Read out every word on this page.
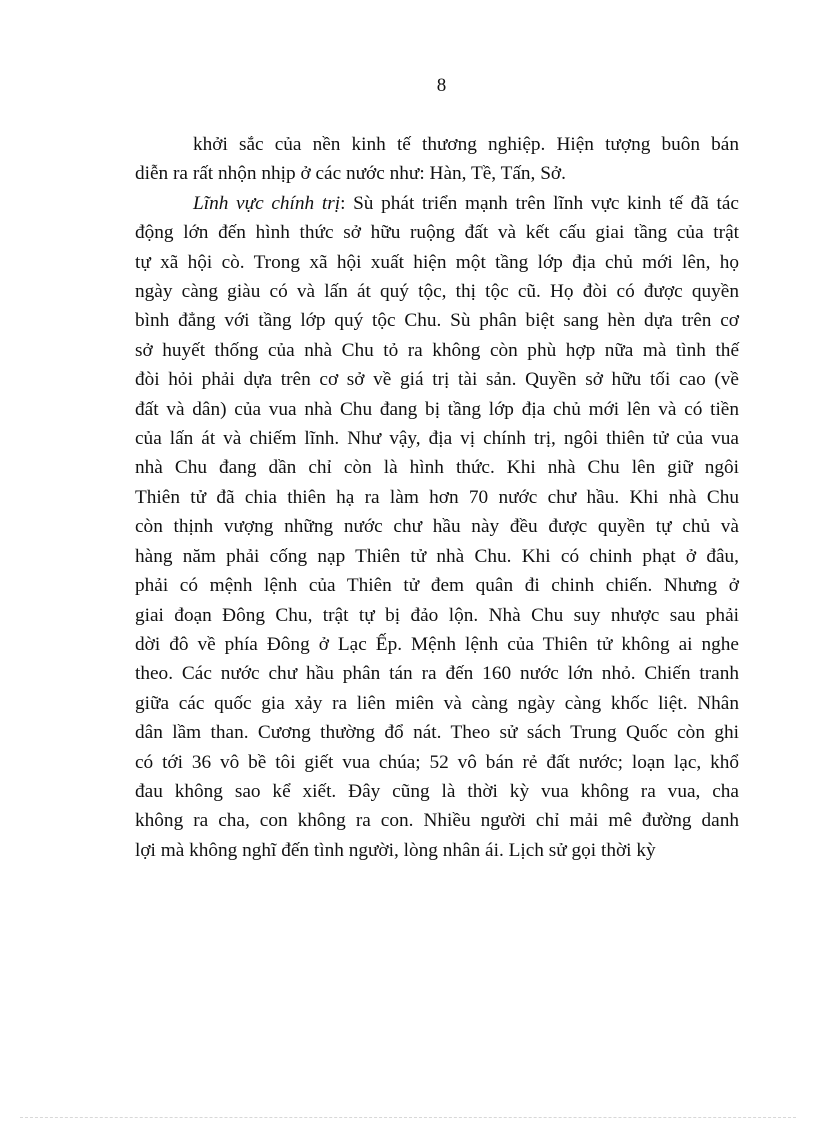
8
khởi sắc của nền kinh tế thương nghiệp. Hiện tượng buôn bán
diễn ra rất nhộn nhịp ở các nước như: Hàn, Tề, Tấn, Sở.
Lĩnh vực chính trị: Sù phát triển mạnh trên lĩnh vực kinh tế đã tác
động lớn đến hình thức sở hữu ruộng đất và kết cấu giai tầng của trật
tự xã hội cò. Trong xã hội xuất hiện một tầng lớp địa chủ mới lên, họ
ngày càng giàu có và lấn át quý tộc, thị tộc cũ. Họ đòi có được quyền
bình đẳng với tầng lớp quý tộc Chu. Sù phân biệt sang hèn dựa trên cơ
sở huyết thống của nhà Chu tỏ ra không còn phù hợp nữa mà tình thế
đòi hỏi phải dựa trên cơ sở về giá trị tài sản. Quyền sở hữu tối cao (về
đất và dân) của vua nhà Chu đang bị tầng lớp địa chủ mới lên và có tiền
của lấn át và chiếm lĩnh. Như vậy, địa vị chính trị, ngôi thiên tử của vua
nhà Chu đang dần chỉ còn là hình thức. Khi nhà Chu lên giữ ngôi
Thiên tử đã chia thiên hạ ra làm hơn 70 nước chư hầu. Khi nhà Chu
còn thịnh vượng những nước chư hầu này đều được quyền tự chủ và
hàng năm phải cống nạp Thiên tử nhà Chu. Khi có chinh phạt ở đâu,
phải có mệnh lệnh của Thiên tử đem quân đi chinh chiến. Nhưng ở
giai đoạn Đông Chu, trật tự bị đảo lộn. Nhà Chu suy nhược sau phải
dời đô về phía Đông ở Lạc Ếp. Mệnh lệnh của Thiên tử không ai nghe
theo. Các nước chư hầu phân tán ra đến 160 nước lớn nhỏ. Chiến tranh
giữa các quốc gia xảy ra liên miên và càng ngày càng khốc liệt. Nhân
dân lầm than. Cương thường đổ nát. Theo sử sách Trung Quốc còn ghi
có tới 36 vô bề tôi giết vua chúa; 52 vô bán rẻ đất nước; loạn lạc, khổ
đau không sao kể xiết. Đây cũng là thời kỳ vua không ra vua, cha
không ra cha, con không ra con. Nhiều người chỉ mải mê đường danh
lợi mà không nghĩ đến tình người, lòng nhân ái. Lịch sử gọi thời kỳ
